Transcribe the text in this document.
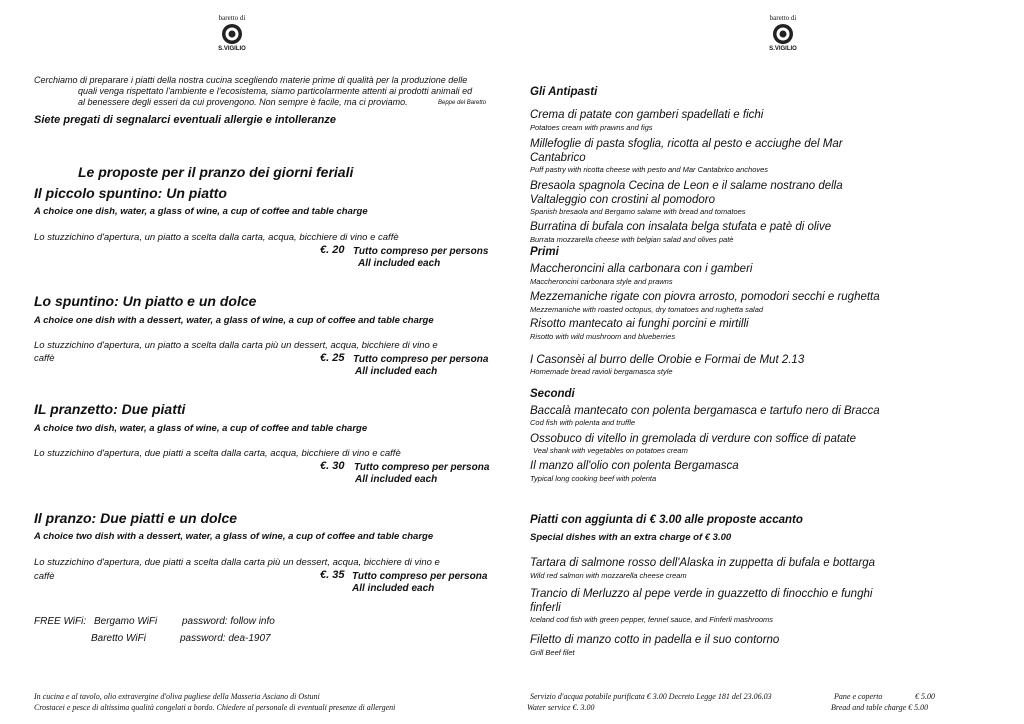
baretto di
S.VIGILIO
baretto di
S.VIGILIO
Cerchiamo di preparare i piatti della nostra cucina scegliendo materie prime di qualità per la produzione delle
quali venga rispettato l'ambiente e l'ecosistema, siamo particolarmente attenti ai prodotti animali ed
al benessere degli esseri da cui provengono. Non sempre è facile, ma ci proviamo.	Beppe del Baretto
Siete pregati di segnalarci eventuali allergie e intolleranze
Le proposte per il pranzo dei giorni feriali
Il piccolo spuntino: Un piatto
A choice one dish, water, a glass of wine, a cup of coffee and table charge
Lo stuzzichino d'apertura, un piatto a scelta dalla carta, acqua, bicchiere di vino e caffè
€. 20 Tutto compreso per persons
All included each
Lo spuntino: Un piatto e un dolce
A choice one dish with a dessert, water, a glass of wine, a cup of coffee and table charge
Lo stuzzichino d'apertura, un piatto a scelta dalla carta più un dessert, acqua, bicchiere di vino e
caffè	€. 25 Tutto compreso per persona
All included each
IL pranzetto: Due piatti
A choice two dish, water, a glass of wine, a cup of coffee and table charge
Lo stuzzichino d'apertura, due piatti a scelta dalla carta, acqua, bicchiere di vino e caffè
€. 30 Tutto compreso per persona
All included each
Il pranzo: Due piatti e un dolce
A choice two dish with a dessert, water, a glass of wine, a cup of coffee and table charge
Lo stuzzichino d'apertura, due piatti a scelta dalla carta più un dessert, acqua, bicchiere di vino e
caffè	€. 35 Tutto compreso per persona
All included each
FREE WiFi: Bergamo WiFi password: follow info
Baretto WiFi	password: dea-1907
In cucina e al tavolo, olio extravergine d'oliva pugliese della Masseria Asciano di Ostuni
Crostacei e pesce di altissima qualità congelati a bordo. Chiedere al personale di eventuali presenze di allergeni
Gli Antipasti
Crema di patate con gamberi spadellati e fichi
Potatoes cream with prawns and figs
Millefoglie di pasta sfoglia, ricotta al pesto e acciughe del Mar
Cantabrico
Puff pastry with ricotta cheese with pesto and Mar Cantabrico anchoves
Bresaola spagnola Cecina de Leon e il salame nostrano della
Valtaleggio con crostini al pomodoro
Spanish bresaola and Bergamo salame with bread and tomatoes
Burratina di bufala con insalata belga stufata e patè di olive
Burrata mozzarella cheese with belgian salad and olives patè
Primi
Maccheroncini alla carbonara con i gamberi
Maccheroncini carbonara style and prawns
Mezzemaniche rigate con piovra arrosto, pomodori secchi e rughetta
Mezzemaniche with roasted octopus, dry tomatoes and rughetta salad
Risotto mantecato ai funghi porcini e mirtilli
Risotto with wild mushroom and blueberries
I Casonsèi al burro delle Orobie e Formai de Mut 2.13
Homemade bread ravioli bergamasca style
Secondi
Baccalà mantecato con polenta bergamasca e tartufo nero di Bracca
Cod fish with polenta and truffle
Ossobuco di vitello in gremolada di verdure con soffice di patate
Veal shank with vegetables on potatoes cream
Il manzo all'olio con polenta Bergamasca
Typical long cooking beef with polenta
Piatti con aggiunta di € 3.00 alle proposte accanto
Special dishes with an extra charge of € 3.00
Tartara di salmone rosso dell'Alaska in zuppetta di bufala e bottarga
Wild red salmon with mozzarella cheese cream
Trancio di Merluzzo al pepe verde in guazzetto di finocchio e funghi
finferli
Iceland cod fish with green pepper, fennel sauce, and Finferli mashrooms
Filetto di manzo cotto in padella e il suo contorno
Grill Beef filet
Servizio d'acqua potabile purificata € 3.00 Decreto Legge 181 del 23.06.03
Water service €. 3.00
Pane e coperto	€ 5.00
Bread and table charge € 5.00
